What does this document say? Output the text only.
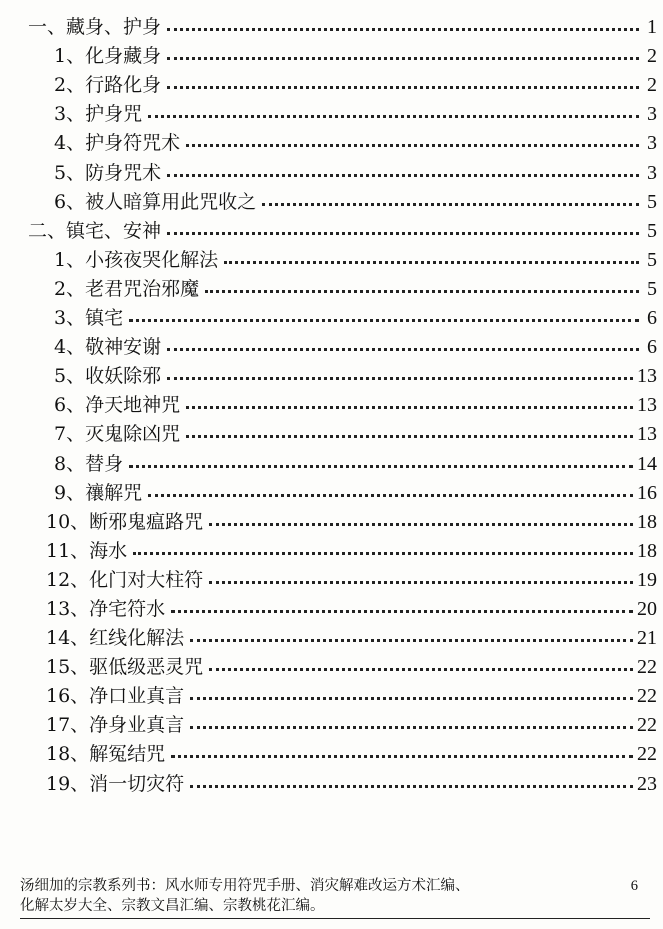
一、藏身、护身	1
1、化身藏身	2
2、行路化身	2
3、护身咒	3
4、护身符咒术	3
5、防身咒术	3
6、被人暗算用此咒收之	5
二、镇宅、安神	5
1、小孩夜哭化解法	5
2、老君咒治邪魔	5
3、镇宅	6
4、敬神安谢	6
5、收妖除邪	13
6、净天地神咒	13
7、灭鬼除凶咒	13
8、替身	14
9、禳解咒	16
10、断邪鬼瘟路咒	18
11、海水	18
12、化门对大柱符	19
13、净宅符水	20
14、红线化解法	21
15、驱低级恶灵咒	22
16、净口业真言	22
17、净身业真言	22
18、解冤结咒	22
19、消一切灾符	23
汤细加的宗教系列书：风水师专用符咒手册、消灾解难改运方术汇编、	6
化解太岁大全、宗教文昌汇编、宗教桃花汇编。
